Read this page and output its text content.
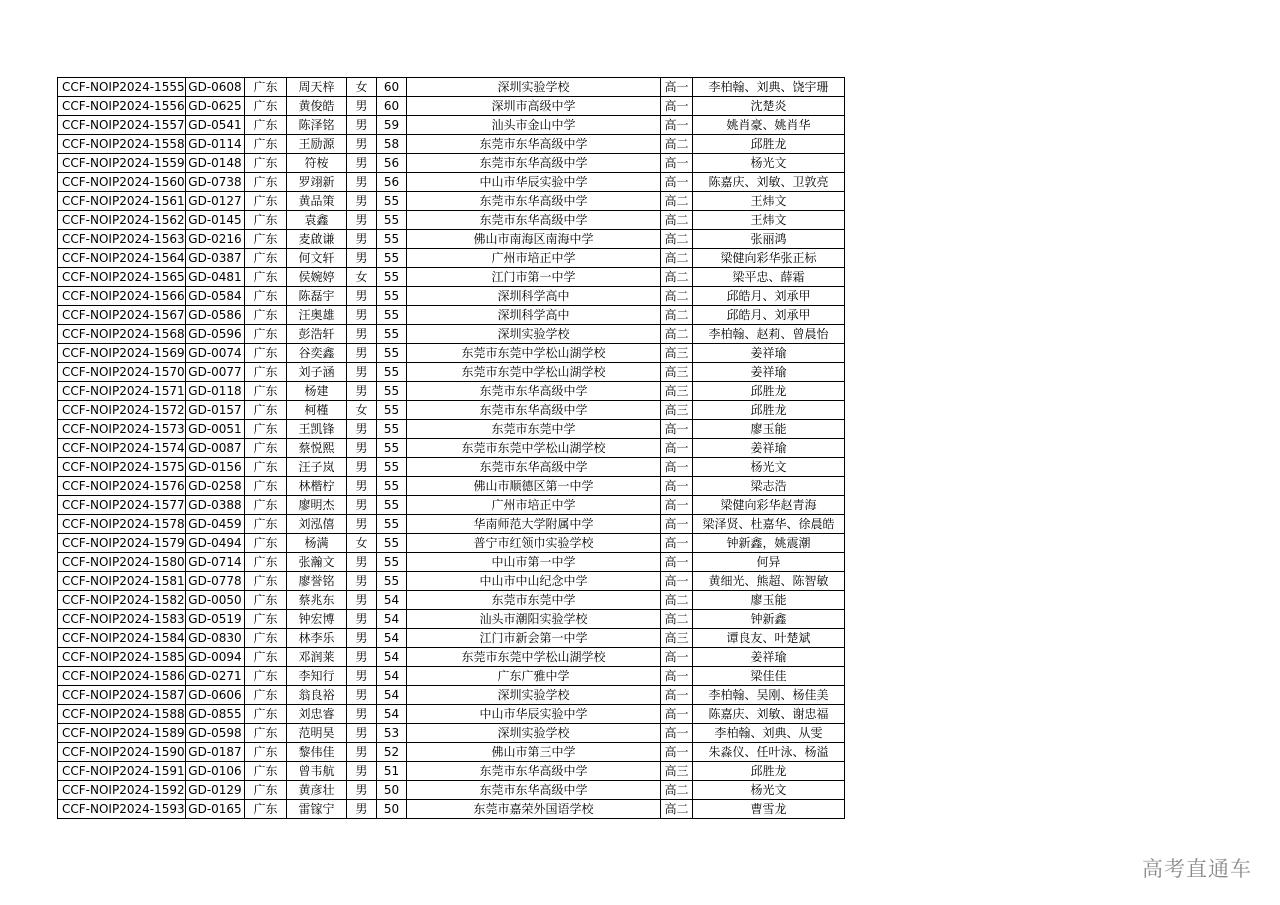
CCF-NOIP2024-1555	GD-0608	广东	周天梓	女	60	深圳实验学校	高一	李柏翰、刘典、饶宇珊
CCF-NOIP2024-1556	GD-0625	广东	黄俊皓	男	60	深圳市高级中学	高一	沈楚炎
CCF-NOIP2024-1557	GD-0541	广东	陈泽铭	男	59	汕头市金山中学	高一	姚肖豪、姚肖华
CCF-NOIP2024-1558	GD-0114	广东	王励源	男	58	东莞市东华高级中学	高二	邱胜龙
CCF-NOIP2024-1559	GD-0148	广东	符桉	男	56	东莞市东华高级中学	高一	杨光文
CCF-NOIP2024-1560	GD-0738	广东	罗翊新	男	56	中山市华辰实验中学	高一	陈嘉庆、刘敏、卫敦亮
CCF-NOIP2024-1561	GD-0127	广东	黄品策	男	55	东莞市东华高级中学	高二	王炜文
CCF-NOIP2024-1562	GD-0145	广东	袁鑫	男	55	东莞市东华高级中学	高二	王炜文
CCF-NOIP2024-1563	GD-0216	广东	麦啟谦	男	55	佛山市南海区南海中学	高二	张丽鸿
CCF-NOIP2024-1564	GD-0387	广东	何文轩	男	55	广州市培正中学	高二	梁健向彩华张正标
CCF-NOIP2024-1565	GD-0481	广东	侯婉婷	女	55	江门市第一中学	高二	梁平忠、薛霜
CCF-NOIP2024-1566	GD-0584	广东	陈磊宇	男	55	深圳科学高中	高二	邱皓月、刘承甲
CCF-NOIP2024-1567	GD-0586	广东	汪奥雄	男	55	深圳科学高中	高二	邱皓月、刘承甲
CCF-NOIP2024-1568	GD-0596	广东	彭浩轩	男	55	深圳实验学校	高二	李柏翰、赵莉、曾晨怡
CCF-NOIP2024-1569	GD-0074	广东	谷奕鑫	男	55	东莞市东莞中学松山湖学校	高三	姜祥瑜
CCF-NOIP2024-1570	GD-0077	广东	刘子涵	男	55	东莞市东莞中学松山湖学校	高三	姜祥瑜
CCF-NOIP2024-1571	GD-0118	广东	杨建	男	55	东莞市东华高级中学	高三	邱胜龙
CCF-NOIP2024-1572	GD-0157	广东	柯槿	女	55	东莞市东华高级中学	高三	邱胜龙
CCF-NOIP2024-1573	GD-0051	广东	王凯锋	男	55	东莞市东莞中学	高一	廖玉能
CCF-NOIP2024-1574	GD-0087	广东	蔡悦熙	男	55	东莞市东莞中学松山湖学校	高一	姜祥瑜
CCF-NOIP2024-1575	GD-0156	广东	汪子岚	男	55	东莞市东华高级中学	高一	杨光文
CCF-NOIP2024-1576	GD-0258	广东	林楷柠	男	55	佛山市顺德区第一中学	高一	梁志浩
CCF-NOIP2024-1577	GD-0388	广东	廖明杰	男	55	广州市培正中学	高一	梁健向彩华赵青海
CCF-NOIP2024-1578	GD-0459	广东	刘泓僖	男	55	华南师范大学附属中学	高一	梁泽贤、杜嘉华、徐晨皓
CCF-NOIP2024-1579	GD-0494	广东	杨满	女	55	普宁市红领巾实验学校	高一	钟新鑫，姚震潮
CCF-NOIP2024-1580	GD-0714	广东	张瀚文	男	55	中山市第一中学	高一	何异
CCF-NOIP2024-1581	GD-0778	广东	廖誉铭	男	55	中山市中山纪念中学	高一	黄细光、熊超、陈智敏
CCF-NOIP2024-1582	GD-0050	广东	蔡兆东	男	54	东莞市东莞中学	高二	廖玉能
CCF-NOIP2024-1583	GD-0519	广东	钟宏博	男	54	汕头市潮阳实验学校	高二	钟新鑫
CCF-NOIP2024-1584	GD-0830	广东	林李乐	男	54	江门市新会第一中学	高三	谭良友、叶楚斌
CCF-NOIP2024-1585	GD-0094	广东	邓润莱	男	54	东莞市东莞中学松山湖学校	高一	姜祥瑜
CCF-NOIP2024-1586	GD-0271	广东	李知行	男	54	广东广雅中学	高一	梁佳佳
CCF-NOIP2024-1587	GD-0606	广东	翁良裕	男	54	深圳实验学校	高一	李柏翰、吴刚、杨佳美
CCF-NOIP2024-1588	GD-0855	广东	刘忠睿	男	54	中山市华辰实验中学	高一	陈嘉庆、刘敏、谢忠福
CCF-NOIP2024-1589	GD-0598	广东	范明昊	男	53	深圳实验学校	高一	李柏翰、刘典、从雯
CCF-NOIP2024-1590	GD-0187	广东	黎伟佳	男	52	佛山市第三中学	高一	朱淼仪、任叶泳、杨溢
CCF-NOIP2024-1591	GD-0106	广东	曾韦航	男	51	东莞市东华高级中学	高三	邱胜龙
CCF-NOIP2024-1592	GD-0129	广东	黄彦壮	男	50	东莞市东华高级中学	高二	杨光文
CCF-NOIP2024-1593	GD-0165	广东	雷镓宁	男	50	东莞市嘉荣外国语学校	高二	曹雪龙
高考直通车
